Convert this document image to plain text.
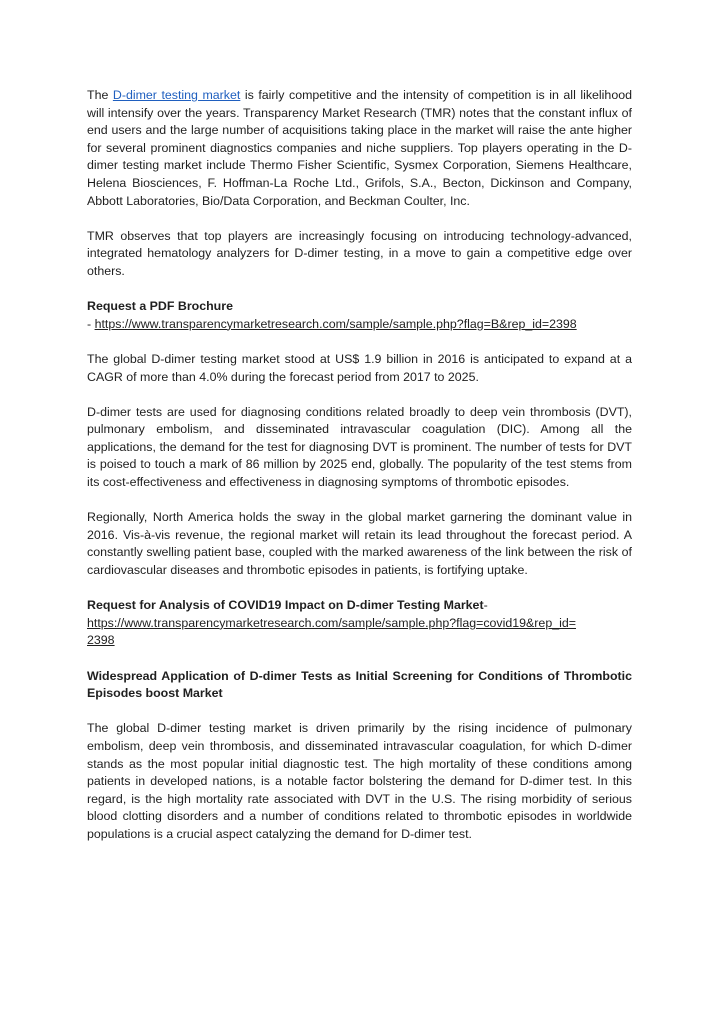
The D-dimer testing market is fairly competitive and the intensity of competition is in all likelihood will intensify over the years. Transparency Market Research (TMR) notes that the constant influx of end users and the large number of acquisitions taking place in the market will raise the ante higher for several prominent diagnostics companies and niche suppliers. Top players operating in the D-dimer testing market include Thermo Fisher Scientific, Sysmex Corporation, Siemens Healthcare, Helena Biosciences, F. Hoffman-La Roche Ltd., Grifols, S.A., Becton, Dickinson and Company, Abbott Laboratories, Bio/Data Corporation, and Beckman Coulter, Inc.

TMR observes that top players are increasingly focusing on introducing technology-advanced, integrated hematology analyzers for D-dimer testing, in a move to gain a competitive edge over others.

Request a PDF Brochure

- https://www.transparencymarketresearch.com/sample/sample.php?flag=B&rep_id=2398

The global D-dimer testing market stood at US$ 1.9 billion in 2016 is anticipated to expand at a CAGR of more than 4.0% during the forecast period from 2017 to 2025.

D-dimer tests are used for diagnosing conditions related broadly to deep vein thrombosis (DVT), pulmonary embolism, and disseminated intravascular coagulation (DIC). Among all the applications, the demand for the test for diagnosing DVT is prominent. The number of tests for DVT is poised to touch a mark of 86 million by 2025 end, globally. The popularity of the test stems from its cost-effectiveness and effectiveness in diagnosing symptoms of thrombotic episodes.

Regionally, North America holds the sway in the global market garnering the dominant value in 2016. Vis-à-vis revenue, the regional market will retain its lead throughout the forecast period. A constantly swelling patient base, coupled with the marked awareness of the link between the risk of cardiovascular diseases and thrombotic episodes in patients, is fortifying uptake.

Request for Analysis of COVID19 Impact on D-dimer Testing Market-

https://www.transparencymarketresearch.com/sample/sample.php?flag=covid19&rep_id=
2398

Widespread Application of D-dimer Tests as Initial Screening for Conditions of Thrombotic Episodes boost Market

The global D-dimer testing market is driven primarily by the rising incidence of pulmonary embolism, deep vein thrombosis, and disseminated intravascular coagulation, for which D-dimer stands as the most popular initial diagnostic test. The high mortality of these conditions among patients in developed nations, is a notable factor bolstering the demand for D-dimer test. In this regard, is the high mortality rate associated with DVT in the U.S. The rising morbidity of serious blood clotting disorders and a number of conditions related to thrombotic episodes in worldwide populations is a crucial aspect catalyzing the demand for D-dimer test.
